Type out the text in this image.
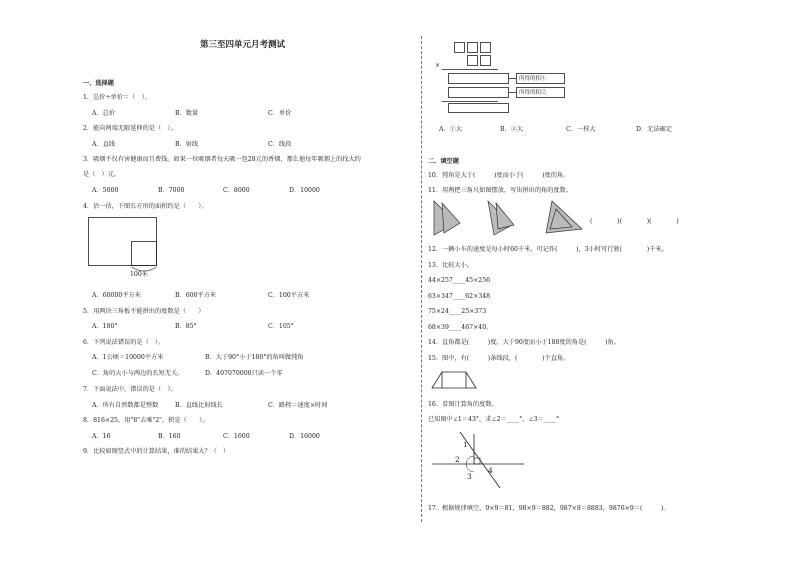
第三至四单元月考测试
一、选择题
1．总价÷单价＝（　）。
A．总价	B．数量	C．单价
2．能向两端无限延伸的是（　）。
A．直线	B．射线	C．线段
3．吸烟不仅有害健康而且费钱。如果一位吸烟者每天吸一包28元的香烟，那么他每年吸烟上的找大约
是（　）元。
A．5000	B．7000	C．8000	D．10000
4．估一估，下图长方形的面积约是（　　）。
100米
A．60000平方米	B．600平方米	C．100平方米
5．用两块三角板不能拼出的度数是（　　）
A．180°	B．85°	C．105°
6．下列说法错误的是（　）。
A．1公顷＝10000平方米	B．大于90°小于180°的角叫做钝角
C．角的大小与两边的长短无关。	D．407070000只读一个零
7．下面说法中，错误的是（　）。
A．所有自然数都是整数	B．直线比射线长	C．路程＝速度×时间
8．816×25，用"8"去乘"2"，积是（　　）。
A．16	B．160	C．1600	D．16000
9．比较如图竖式中的计算结果，谁的结果大？（　）
×
所得的积①
所得的积②
A．①大	B．②大	C．一样大	D．无法确定
二、填空题
10．钝角是大于(　　　)度而小于(　　　)度的角。
11．用两把三角尺如图摆放，写出拼出的角的度数。
(　　　　)(　　　　)(　　　　)
12．一辆小车的速度是每小时60千米，可记作(　　　)，3小时可行驶(　　　　)千米。
13．比较大小。
44×257____45×256
63×347____62×348
75×24____25×373
68×39____467×40。
14．直角都是(　　　)度，大于90度而小于180度的角是(　　　)角。
15．图中，有(　　　)条线段，(　　　　)个直角。
16．看图计算角的度数。
已知图中∠1＝43°，求∠2＝____°，∠3＝____°
1
2
3
4
17．根据规律填空，9×9＝81，98×9＝882，987×8＝8883，9876×9＝(　　　)。
